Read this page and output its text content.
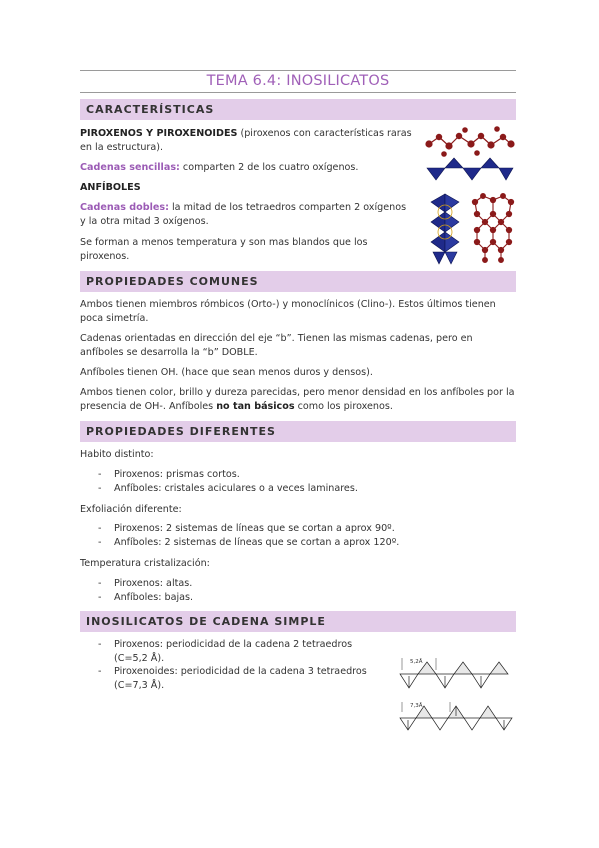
TEMA 6.4: INOSILICATOS
CARACTERÍSTICAS
PIROXENOS Y PIROXENOIDES (piroxenos con características raras en la estructura).
Cadenas sencillas: comparten 2 de los cuatro oxígenos.
ANFÍBOLES
Cadenas dobles: la mitad de los tetraedros comparten 2 oxígenos y la otra mitad 3 oxígenos.
Se forman a menos temperatura y son mas blandos que los piroxenos.
PROPIEDADES COMUNES
Ambos tienen miembros rómbicos (Orto-) y monoclínicos (Clino-). Estos últimos tienen poca simetría.
Cadenas orientadas en dirección del eje “b”. Tienen las mismas cadenas, pero en anfíboles se desarrolla la “b” DOBLE.
Anfíboles tienen OH. (hace que sean menos duros y densos).
Ambos tienen color, brillo y dureza parecidas, pero menor densidad en los anfíboles por la presencia de OH-. Anfíboles no tan básicos como los piroxenos.
PROPIEDADES DIFERENTES
Habito distinto:
- Piroxenos: prismas cortos.
- Anfíboles: cristales aciculares o a veces laminares.
Exfoliación diferente:
- Piroxenos: 2 sistemas de líneas que se cortan a aprox 90º.
- Anfíboles: 2 sistemas de líneas que se cortan a aprox 120º.
Temperatura cristalización:
- Piroxenos: altas.
- Anfíboles: bajas.
INOSILICATOS DE CADENA SIMPLE
- Piroxenos: periodicidad de la cadena 2 tetraedros (C=5,2 Å).
- Piroxenoides: periodicidad de la cadena 3 tetraedros (C=7,3 Å).
5,2Å
7,3Å
